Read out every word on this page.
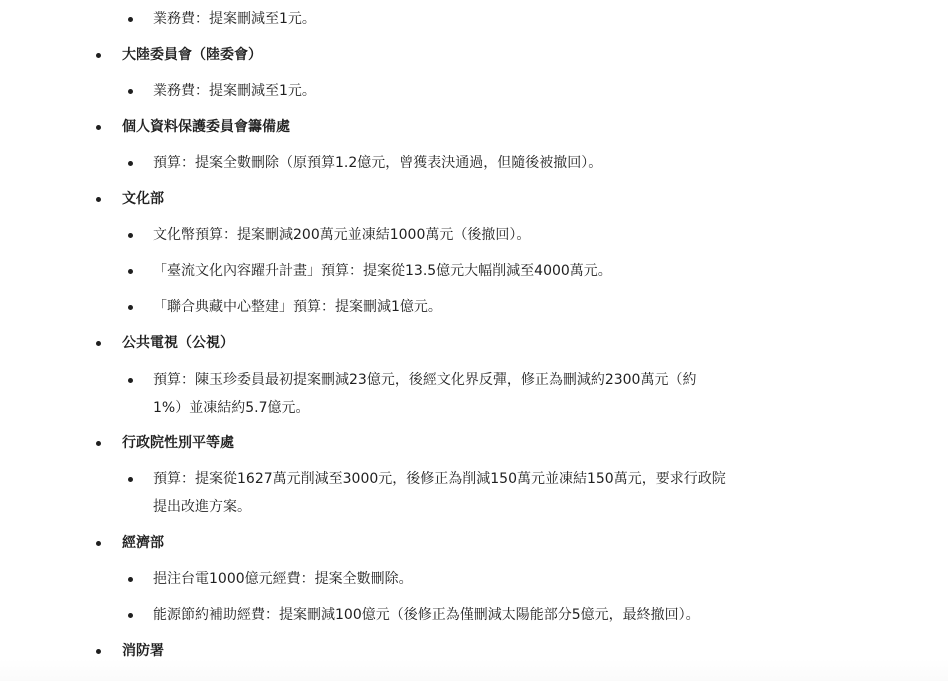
業務費：提案刪減至1元。
大陸委員會（陸委會）
業務費：提案刪減至1元。
個人資料保護委員會籌備處
預算：提案全數刪除（原預算1.2億元，曾獲表決通過，但隨後被撤回）。
文化部
文化幣預算：提案刪減200萬元並凍結1000萬元（後撤回）。
「臺流文化內容躍升計畫」預算：提案從13.5億元大幅削減至4000萬元。
「聯合典藏中心整建」預算：提案刪減1億元。
公共電視（公視）
預算：陳玉珍委員最初提案刪減23億元，後經文化界反彈，修正為刪減約2300萬元（約
1%）並凍結約5.7億元。
行政院性別平等處
預算：提案從1627萬元削減至3000元，後修正為削減150萬元並凍結150萬元，要求行政院
提出改進方案。
經濟部
挹注台電1000億元經費：提案全數刪除。
能源節約補助經費：提案刪減100億元（後修正為僅刪減太陽能部分5億元，最終撤回）。
消防署
